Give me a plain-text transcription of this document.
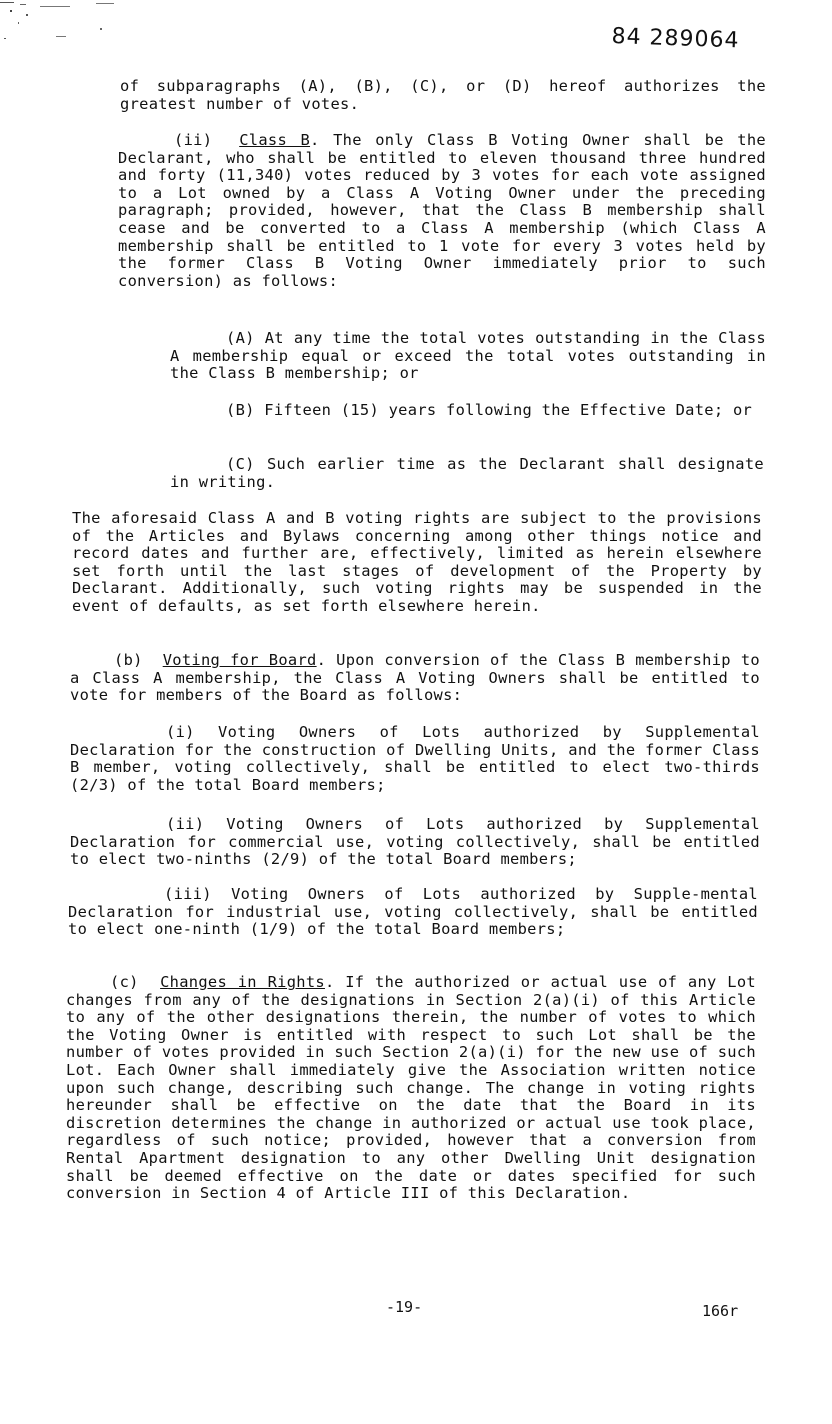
84 289064

of subparagraphs (A), (B), (C), or (D) hereof authorizes the greatest number of votes.

(ii) Class B. The only Class B Voting Owner shall be the Declarant, who shall be entitled to eleven thousand three hundred and forty (11,340) votes reduced by 3 votes for each vote assigned to a Lot owned by a Class A Voting Owner under the preceding paragraph; provided, however, that the Class B membership shall cease and be converted to a Class A membership (which Class A membership shall be entitled to 1 vote for every 3 votes held by the former Class B Voting Owner immediately prior to such conversion) as follows:

(A) At any time the total votes outstanding in the Class A membership equal or exceed the total votes outstanding in the Class B membership; or

(B) Fifteen (15) years following the Effective Date; or

(C) Such earlier time as the Declarant shall designate in writing.

The aforesaid Class A and B voting rights are subject to the provisions of the Articles and Bylaws concerning among other things notice and record dates and further are, effectively, limited as herein elsewhere set forth until the last stages of development of the Property by Declarant. Additionally, such voting rights may be suspended in the event of defaults, as set forth elsewhere herein.

(b) Voting for Board. Upon conversion of the Class B membership to a Class A membership, the Class A Voting Owners shall be entitled to vote for members of the Board as follows:

(i) Voting Owners of Lots authorized by Supplemental Declaration for the construction of Dwelling Units, and the former Class B member, voting collectively, shall be entitled to elect two-thirds (2/3) of the total Board members;

(ii) Voting Owners of Lots authorized by Supplemental Declaration for commercial use, voting collectively, shall be entitled to elect two-ninths (2/9) of the total Board members;

(iii) Voting Owners of Lots authorized by Supple-mental Declaration for industrial use, voting collectively, shall be entitled to elect one-ninth (1/9) of the total Board members;

(c) Changes in Rights. If the authorized or actual use of any Lot changes from any of the designations in Section 2(a)(i) of this Article to any of the other designations therein, the number of votes to which the Voting Owner is entitled with respect to such Lot shall be the number of votes provided in such Section 2(a)(i) for the new use of such Lot. Each Owner shall immediately give the Association written notice upon such change, describing such change. The change in voting rights hereunder shall be effective on the date that the Board in its discretion determines the change in authorized or actual use took place, regardless of such notice; provided, however that a conversion from Rental Apartment designation to any other Dwelling Unit designation shall be deemed effective on the date or dates specified for such conversion in Section 4 of Article III of this Declaration.

-19-	166r
